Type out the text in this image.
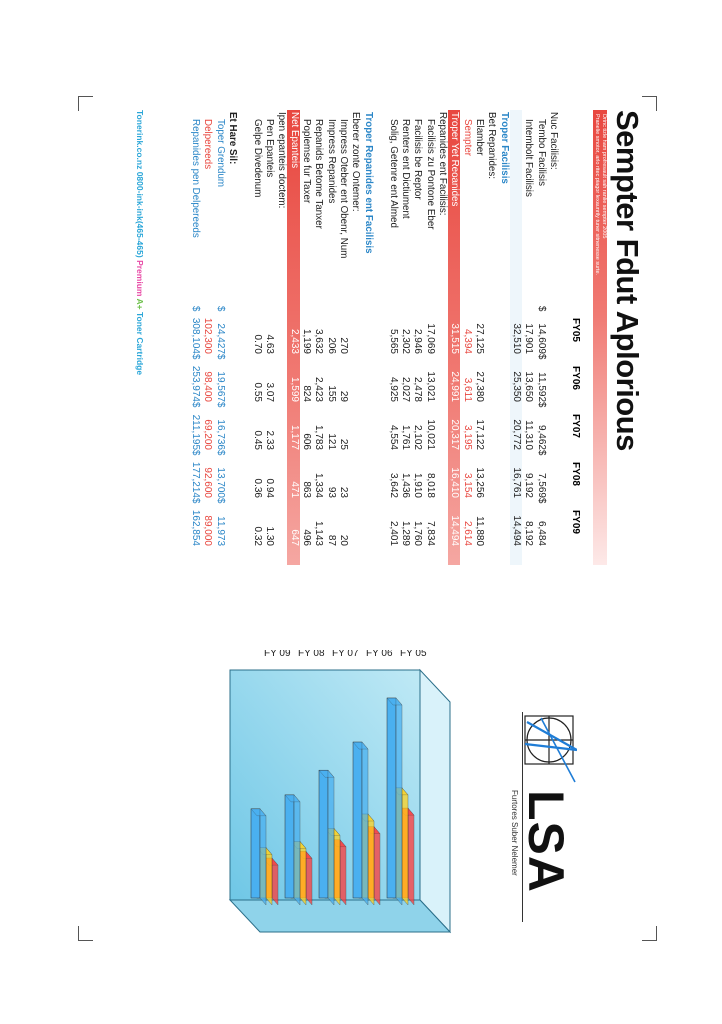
Sempter Fdut Aplorious
Drinc tizle ham profresault sah ranlie sempter 2005
Pranelie smotor, arlo ritec piagor lexaunrily tuner sitnenesse surte.
FY05
FY06
FY07
FY08
FY09
Nuc Facilisis:
Tembo Facilisis
$
14,609
$
11,592
$
9,462
$
7,569
$
6,484
Intembolt Facilisis
17,901
13,650
11,310
9,192
8,192
32,510
25,350
20,772
16,761
14,494
Troper Facilisis
Bet Repanides:
Elamber
27,125
27,380
17,122
13,256
11,880
Sempter
4,394
3,611
3,195
3,154
2,614
Troper Yet Reoanides
31,515
24,991
20,317
16,410
14,494
Repanides ent Facilisis:
Facilisis zu Pontone Eber
17,069
13,021
10,021
8,018
7,834
Facilisis be Reptor
2,946
2,478
2,102
1,910
1,760
Renters ent Dictiument
2,302
2,027
1,761
1,436
1,289
Solig, Getenre ent Almed
5,565
4,925
4,554
3,642
2,401
Troper Repanides ent Facilisis
Eberer zonte Ontemer:
Impress Oteber ent Obenr, Num
270
29
25
23
20
Impress Repanides
206
155
121
93
87
Repanids Betome Tanxer
3,632
2,423
1,783
1,334
1,143
Poplemse fur Taxer
1,199
824
606
863
496
Net Epanteis
2,433
1,599
1,177
471
647
Ipen epanteis doctem:
Pen Epanteis
4.63
3.07
2.33
0.94
1.30
Gelpe Divedenum
0.70
0.55
0.45
0.36
0.32
Et Hare Sil:
Toper Grendum
$
24,427
$
19,567
$
16,736
$
13,700
$
11,973
Delpereeds
102,300
98,400
69,200
92,600
89,000
Repanides pen Delpereeds
$
308,104
$
253,974
$
211,195
$
177,214
$
162,854
Tonerink.co.nz 0800-ink-ink(465-465) Premium A+ Toner Cartridge
LSA
Furtores Suber Nelemer
FY 05
FY 06
FY 07
FY 08
FY 09
